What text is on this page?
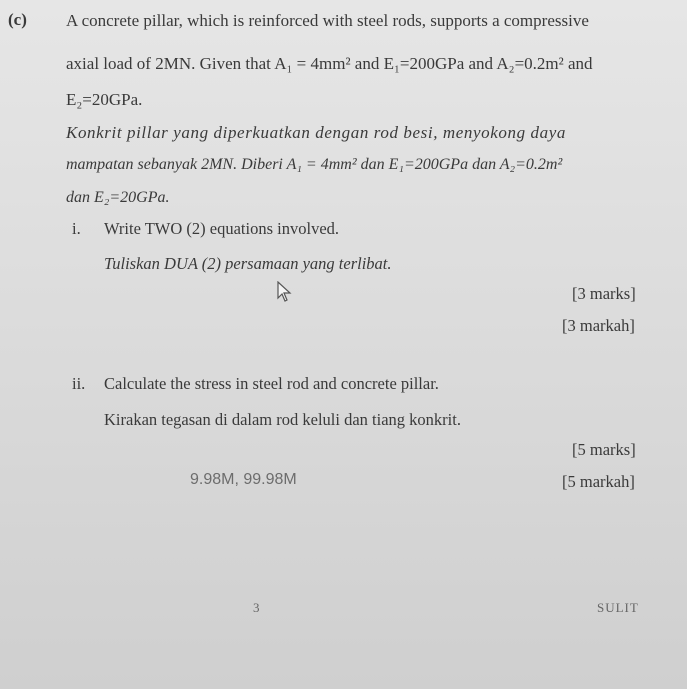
(c) A concrete pillar, which is reinforced with steel rods, supports a compressive
axial load of 2MN. Given that A₁ = 4mm² and E₁=200GPa and A₂=0.2m² and
E₂=20GPa.
Konkrit pillar yang diperkuatkan dengan rod besi, menyokong daya
mampatan sebanyak 2MN. Diberi A₁ = 4mm² dan E₁=200GPa dan A₂=0.2m²
dan E₂=20GPa.
i. Write TWO (2) equations involved.
Tuliskan DUA (2) persamaan yang terlibat.
[3 marks]
[3 markah]
ii. Calculate the stress in steel rod and concrete pillar.
Kirakan tegasan di dalam rod keluli dan tiang konkrit.
[5 marks]
9.98M, 99.98M	[5 markah]
3	SULIT
